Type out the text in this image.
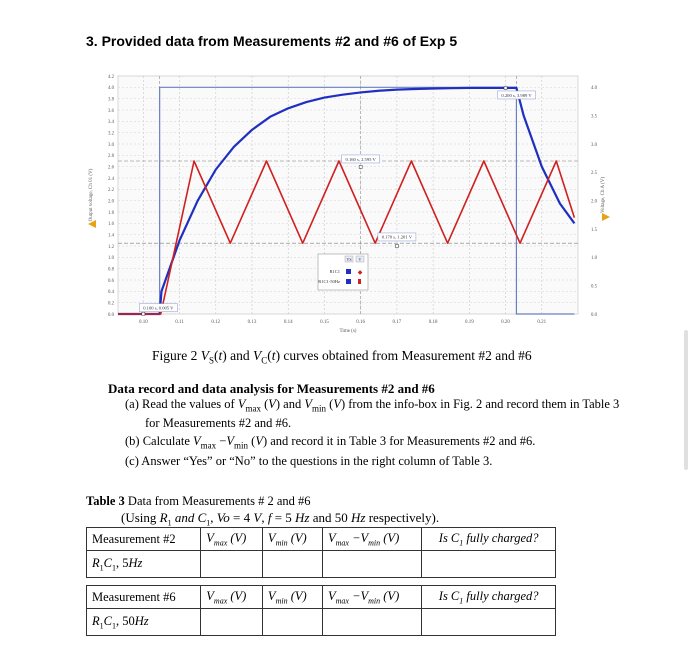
3. Provided data from Measurements #2 and #6 of Exp 5
0.10	0.11	0.12	0.13	0.14	0.15	0.16	0.17	0.18	0.19	0.20	0.21
0.0
0.2
0.4
0.6
0.8
1.0
1.2
1.4
1.6
1.8
2.0
2.2
2.4
2.6
2.8
3.0
3.2
3.4
3.6
3.8
4.0
4.2
0.0
0.5
1.0
1.5
2.0
2.5
3.0
3.5
4.0
0.100 s, 0.005 V
0.160 s, 2.595 V
0.170 s, 1.201 V
0.200 s, 3.989 V
Time (s)
Output voltage, Ch 01 (V)	Voltage, Ch A (V)
VS V
R1C1	◆
R1C1-50Hz
Figure 2 $V_S(t)$ and $V_C(t)$ curves obtained from Measurement #2 and #6
Data record and data analysis for Measurements #2 and #6
(a) Read the values of $V_{max}$ (V) and $V_{min}$ (V) from the info-box in Fig. 2 and record them in Table 3
for Measurements #2 and #6.
(b) Calculate $V_{max} -V_{min}$ (V) and record it in Table 3 for Measurements #2 and #6.
(c) Answer “Yes” or “No” to the questions in the right column of Table 3.
Table 3 Data from Measurements # 2 and #6
(Using $R_1$ and $C_1$, Vo = 4 V, f = 5 Hz and 50 Hz respectively).
Measurement #2	$V_{max}$ (V)	$V_{min}$ (V)	$V_{max} -V_{min}$ (V)	Is $C_1$ fully charged?
$R_1C_1$, 5Hz				
Measurement #6	$V_{max}$ (V)	$V_{min}$ (V)	$V_{max} -V_{min}$ (V)	Is $C_1$ fully charged?
$R_1C_1$, 50Hz				
